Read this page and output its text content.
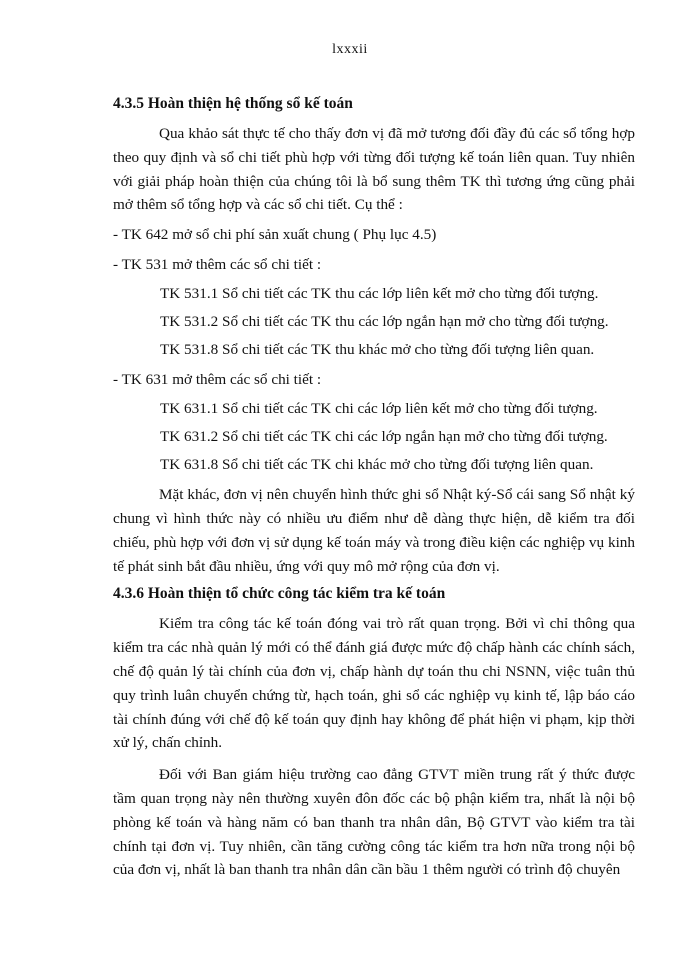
lxxxii
4.3.5 Hoàn thiện hệ thống sổ kế toán

Qua khảo sát thực tế cho thấy đơn vị đã mở tương đối đầy đủ các sổ tổng hợp theo quy định và sổ chi tiết phù hợp với từng đối tượng kế toán liên quan. Tuy nhiên với giải pháp hoàn thiện của chúng tôi là bổ sung thêm TK thì tương ứng cũng phải mở thêm sổ tổng hợp và các sổ chi tiết. Cụ thể :

- TK 642 mở sổ chi phí sản xuất chung ( Phụ lục 4.5)

- TK 531 mở thêm các sổ chi tiết :

TK 531.1 Sổ chi tiết các TK thu các lớp liên kết mở cho từng đối tượng.

TK 531.2 Sổ chi tiết các TK thu các lớp ngắn hạn mở cho từng đối tượng.

TK 531.8 Sổ chi tiết các TK thu khác mở cho từng đối tượng liên quan.

- TK 631 mở thêm các sổ chi tiết :

TK 631.1 Sổ chi tiết các TK chi các lớp liên kết mở cho từng đối tượng.

TK 631.2 Sổ chi tiết các TK chi các lớp ngắn hạn mở cho từng đối tượng.

TK 631.8 Sổ chi tiết các TK chi khác mở cho từng đối tượng liên quan.

Mặt khác, đơn vị nên chuyển hình thức ghi sổ Nhật ký-Sổ cái sang Sổ nhật ký chung vì hình thức này có nhiều ưu điểm như dễ dàng thực hiện, dễ kiểm tra đối chiếu, phù hợp với đơn vị sử dụng kế toán máy và trong điều kiện các nghiệp vụ kinh tế phát sinh bắt đầu nhiều, ứng với quy mô mở rộng của đơn vị.

4.3.6 Hoàn thiện tổ chức công tác kiểm tra kế toán

Kiểm tra công tác kế toán đóng vai trò rất quan trọng. Bởi vì chỉ thông qua kiểm tra các nhà quản lý mới có thể đánh giá được mức độ chấp hành các chính sách, chế độ quản lý tài chính của đơn vị, chấp hành dự toán thu chi NSNN, việc tuân thủ quy trình luân chuyển chứng từ, hạch toán, ghi sổ các nghiệp vụ kinh tế, lập báo cáo tài chính đúng với chế độ kế toán quy định hay không để phát hiện vi phạm, kịp thời xử lý, chấn chỉnh.

Đối với Ban giám hiệu trường cao đẳng GTVT miền trung rất ý thức được tầm quan trọng này nên thường xuyên đôn đốc các bộ phận kiểm tra, nhất là nội bộ phòng kế toán và hàng năm có ban thanh tra nhân dân, Bộ GTVT vào kiểm tra tài chính tại đơn vị. Tuy nhiên, cần tăng cường công tác kiểm tra hơn nữa trong nội bộ của đơn vị, nhất là ban thanh tra nhân dân cần bầu 1 thêm người có trình độ chuyên
